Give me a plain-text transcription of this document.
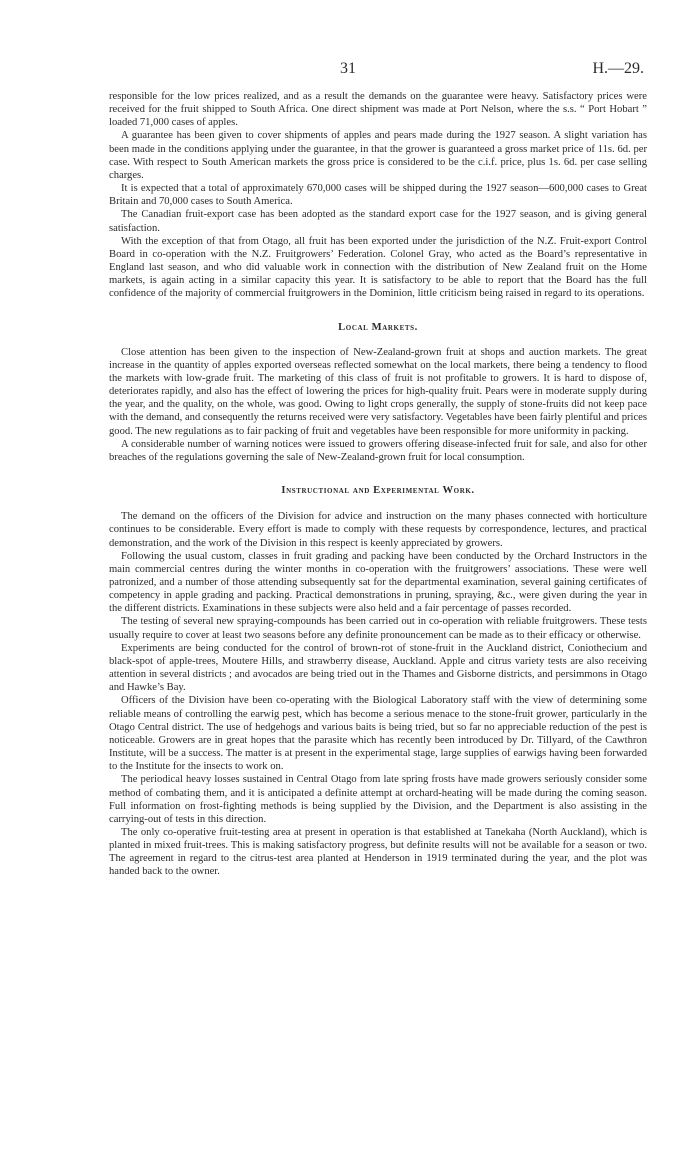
31	H.—29.

responsible for the low prices realized, and as a result the demands on the guarantee were heavy. Satisfactory prices were received for the fruit shipped to South Africa. One direct shipment was made at Port Nelson, where the s.s. “ Port Hobart ” loaded 71,000 cases of apples.

A guarantee has been given to cover shipments of apples and pears made during the 1927 season. A slight variation has been made in the conditions applying under the guarantee, in that the grower is guaranteed a gross market price of 11s. 6d. per case. With respect to South American markets the gross price is considered to be the c.i.f. price, plus 1s. 6d. per case selling charges.

It is expected that a total of approximately 670,000 cases will be shipped during the 1927 season—600,000 cases to Great Britain and 70,000 cases to South America.

The Canadian fruit-export case has been adopted as the standard export case for the 1927 season, and is giving general satisfaction.

With the exception of that from Otago, all fruit has been exported under the jurisdiction of the N.Z. Fruit-export Control Board in co-operation with the N.Z. Fruitgrowers’ Federation. Colonel Gray, who acted as the Board’s representative in England last season, and who did valuable work in connection with the distribution of New Zealand fruit on the Home markets, is again acting in a similar capacity this year. It is satisfactory to be able to report that the Board has the full confidence of the majority of commercial fruitgrowers in the Dominion, little criticism being raised in regard to its operations.

Local Markets.

Close attention has been given to the inspection of New-Zealand-grown fruit at shops and auction markets. The great increase in the quantity of apples exported overseas reflected somewhat on the local markets, there being a tendency to flood the markets with low-grade fruit. The marketing of this class of fruit is not profitable to growers. It is hard to dispose of, deteriorates rapidly, and also has the effect of lowering the prices for high-quality fruit. Pears were in moderate supply during the year, and the quality, on the whole, was good. Owing to light crops generally, the supply of stone-fruits did not keep pace with the demand, and consequently the returns received were very satisfactory. Vegetables have been fairly plentiful and prices good. The new regulations as to fair packing of fruit and vegetables have been responsible for more uniformity in packing.

A considerable number of warning notices were issued to growers offering disease-infected fruit for sale, and also for other breaches of the regulations governing the sale of New-Zealand-grown fruit for local consumption.

Instructional and Experimental Work.

The demand on the officers of the Division for advice and instruction on the many phases connected with horticulture continues to be considerable. Every effort is made to comply with these requests by correspondence, lectures, and practical demonstration, and the work of the Division in this respect is keenly appreciated by growers.

Following the usual custom, classes in fruit grading and packing have been conducted by the Orchard Instructors in the main commercial centres during the winter months in co-operation with the fruitgrowers’ associations. These were well patronized, and a number of those attending subsequently sat for the departmental examination, several gaining certificates of competency in apple grading and packing. Practical demonstrations in pruning, spraying, &c., were given during the year in the different districts. Examinations in these subjects were also held and a fair percentage of passes recorded.

The testing of several new spraying-compounds has been carried out in co-operation with reliable fruitgrowers. These tests usually require to cover at least two seasons before any definite pronouncement can be made as to their efficacy or otherwise.

Experiments are being conducted for the control of brown-rot of stone-fruit in the Auckland district, Coniothecium and black-spot of apple-trees, Moutere Hills, and strawberry disease, Auckland. Apple and citrus variety tests are also receiving attention in several districts ; and avocados are being tried out in the Thames and Gisborne districts, and persimmons in Otago and Hawke’s Bay.

Officers of the Division have been co-operating with the Biological Laboratory staff with the view of determining some reliable means of controlling the earwig pest, which has become a serious menace to the stone-fruit grower, particularly in the Otago Central district. The use of hedgehogs and various baits is being tried, but so far no appreciable reduction of the pest is noticeable. Growers are in great hopes that the parasite which has recently been introduced by Dr. Tillyard, of the Cawthron Institute, will be a success. The matter is at present in the experimental stage, large supplies of earwigs having been forwarded to the Institute for the insects to work on.

The periodical heavy losses sustained in Central Otago from late spring frosts have made growers seriously consider some method of combating them, and it is anticipated a definite attempt at orchard-heating will be made during the coming season. Full information on frost-fighting methods is being supplied by the Division, and the Department is also assisting in the carrying-out of tests in this direction.

The only co-operative fruit-testing area at present in operation is that established at Tanekaha (North Auckland), which is planted in mixed fruit-trees. This is making satisfactory progress, but definite results will not be available for a season or two. The agreement in regard to the citrus-test area planted at Henderson in 1919 terminated during the year, and the plot was handed back to the owner.
